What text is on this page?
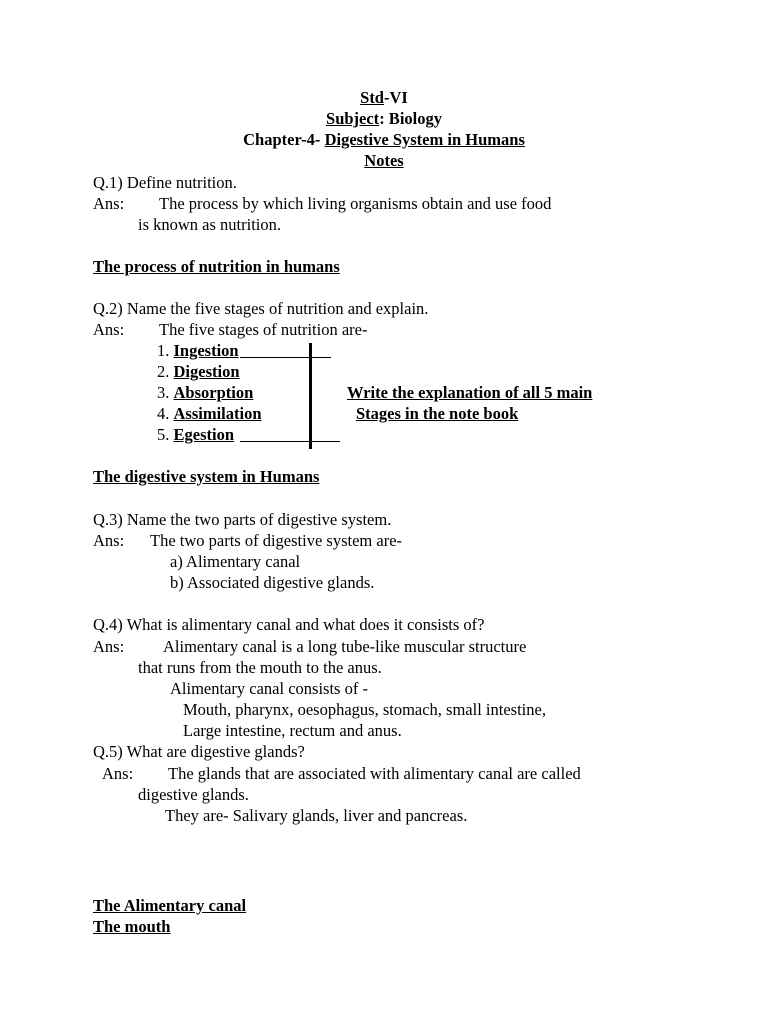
Std-VI
Subject: Biology
Chapter-4- Digestive System in Humans
Notes
Q.1) Define nutrition.
Ans: The process by which living organisms obtain and use food
is known as nutrition.
The process of nutrition in humans
Q.2) Name the five stages of nutrition and explain.
Ans: The five stages of nutrition are-
1. Ingestion
2. Digestion
3. Absorption
4. Assimilation
5. Egestion
Write the explanation of all 5 main
Stages in the note book
The digestive system in Humans
Q.3) Name the two parts of digestive system.
Ans: The two parts of digestive system are-
a) Alimentary canal
b) Associated digestive glands.
Q.4) What is alimentary canal and what does it consists of?
Ans: Alimentary canal is a long tube-like muscular structure
that runs from the mouth to the anus.
Alimentary canal consists of -
Mouth, pharynx, oesophagus, stomach, small intestine,
Large intestine, rectum and anus.
Q.5) What are digestive glands?
Ans: The glands that are associated with alimentary canal are called
digestive glands.
They are- Salivary glands, liver and pancreas.
The Alimentary canal
The mouth
